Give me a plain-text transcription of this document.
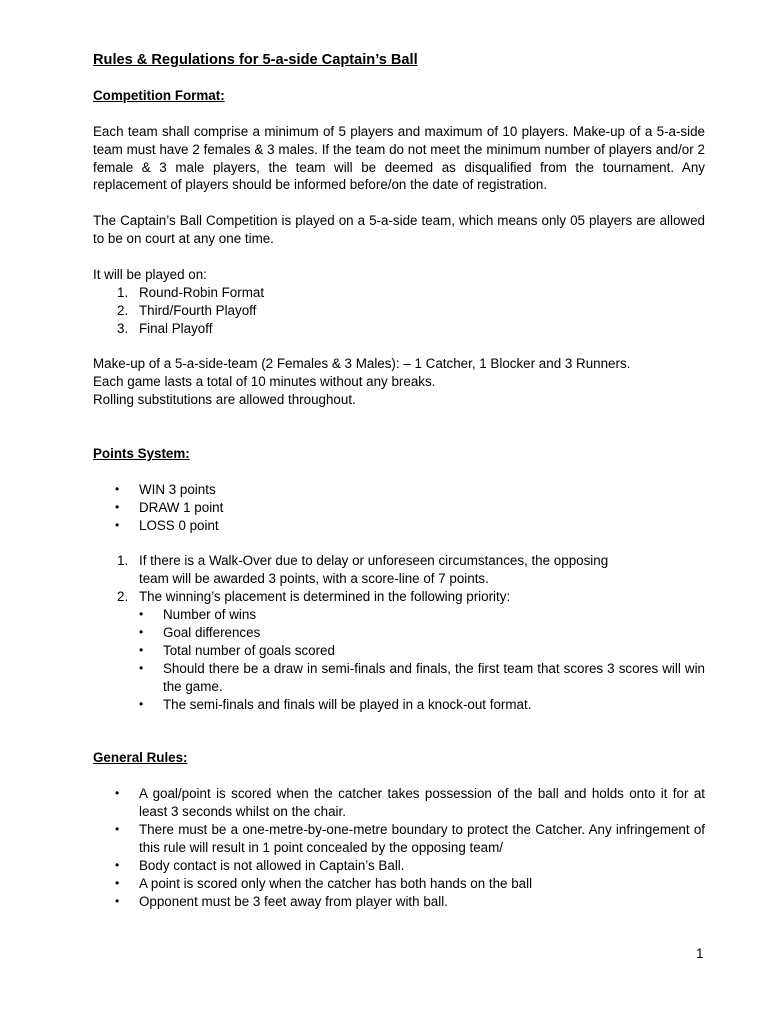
Rules & Regulations for 5-a-side Captain’s Ball

Competition Format:

Each team shall comprise a minimum of 5 players and maximum of 10 players. Make-up of a 5-a-side team must have 2 females & 3 males. If the team do not meet the minimum number of players and/or 2 female & 3 male players, the team will be deemed as disqualified from the tournament. Any replacement of players should be informed before/on the date of registration.

The Captain’s Ball Competition is played on a 5-a-side team, which means only 05 players are allowed to be on court at any one time.

It will be played on:

1. Round-Robin Format
2. Third/Fourth Playoff
3. Final Playoff

Make-up of a 5-a-side-team (2 Females & 3 Males): – 1 Catcher, 1 Blocker and 3 Runners.

Each game lasts a total of 10 minutes without any breaks.

Rolling substitutions are allowed throughout.

Points System:

• WIN 3 points
• DRAW 1 point
• LOSS 0 point
1. If there is a Walk-Over due to delay or unforeseen circumstances, the opposing
team will be awarded 3 points, with a score-line of 7 points.
2. The winning’s placement is determined in the following priority:
• Number of wins
• Goal differences
• Total number of goals scored
• Should there be a draw in semi-finals and finals, the first team that scores 3 scores will win the game.
• The semi-finals and finals will be played in a knock-out format.

General Rules:

• A goal/point is scored when the catcher takes possession of the ball and holds onto it for at least 3 seconds whilst on the chair.
• There must be a one-metre-by-one-metre boundary to protect the Catcher. Any infringement of this rule will result in 1 point concealed by the opposing team/
• Body contact is not allowed in Captain’s Ball.
• A point is scored only when the catcher has both hands on the ball
• Opponent must be 3 feet away from player with ball.
1
